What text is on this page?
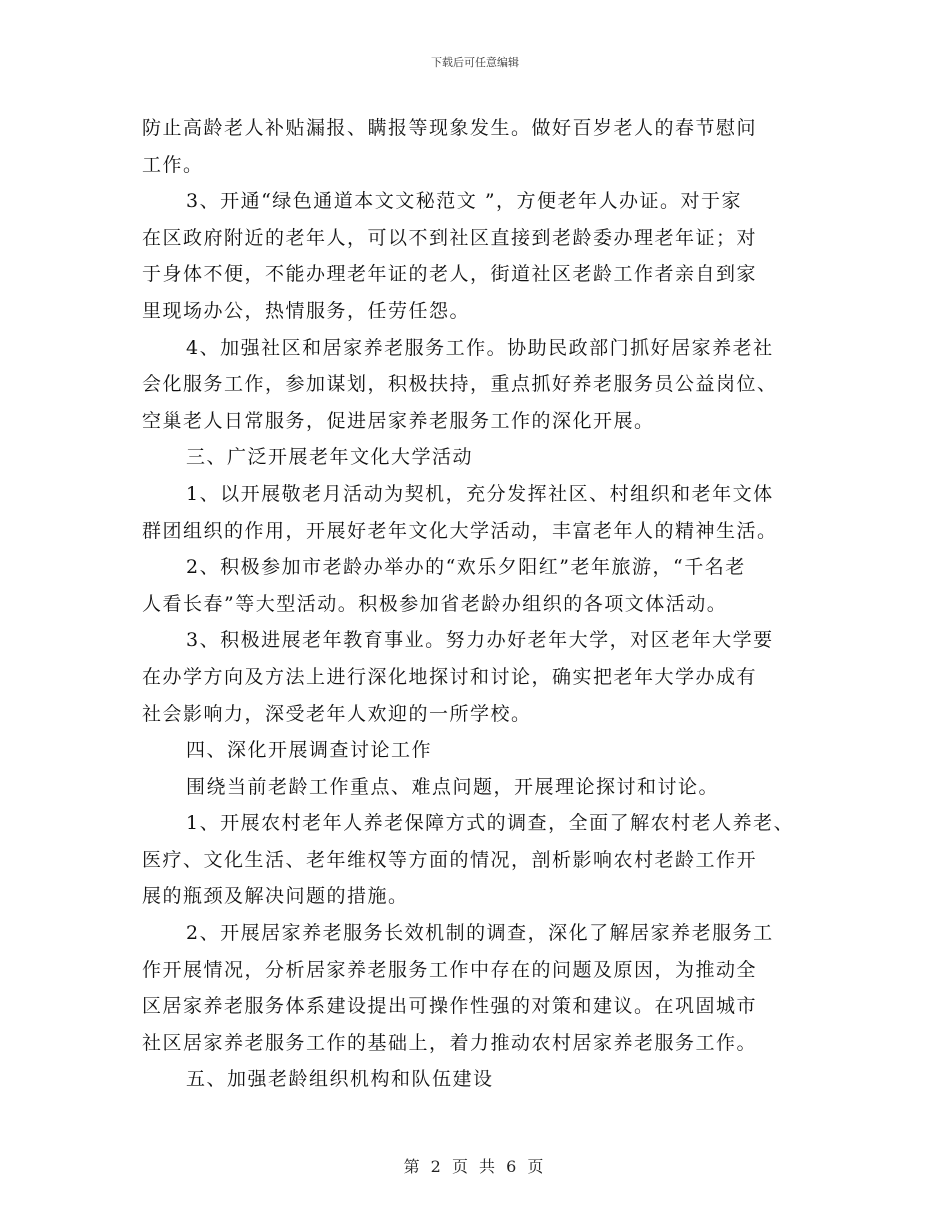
下载后可任意编辑
防止高龄老人补贴漏报、瞒报等现象发生。做好百岁老人的春节慰问
工作。
3、开通“绿色通道本文文秘范文 ”，方便老年人办证。对于家
在区政府附近的老年人，可以不到社区直接到老龄委办理老年证；对
于身体不便，不能办理老年证的老人，街道社区老龄工作者亲自到家
里现场办公，热情服务，任劳任怨。
4、加强社区和居家养老服务工作。协助民政部门抓好居家养老社
会化服务工作，参加谋划，积极扶持，重点抓好养老服务员公益岗位、
空巢老人日常服务，促进居家养老服务工作的深化开展。
三、广泛开展老年文化大学活动
1、以开展敬老月活动为契机，充分发挥社区、村组织和老年文体
群团组织的作用，开展好老年文化大学活动，丰富老年人的精神生活。
2、积极参加市老龄办举办的“欢乐夕阳红”老年旅游，“千名老
人看长春”等大型活动。积极参加省老龄办组织的各项文体活动。
3、积极进展老年教育事业。努力办好老年大学，对区老年大学要
在办学方向及方法上进行深化地探讨和讨论，确实把老年大学办成有
社会影响力，深受老年人欢迎的一所学校。
四、深化开展调查讨论工作
围绕当前老龄工作重点、难点问题，开展理论探讨和讨论。
1、开展农村老年人养老保障方式的调查，全面了解农村老人养老、
医疗、文化生活、老年维权等方面的情况，剖析影响农村老龄工作开
展的瓶颈及解决问题的措施。
2、开展居家养老服务长效机制的调查，深化了解居家养老服务工
作开展情况，分析居家养老服务工作中存在的问题及原因，为推动全
区居家养老服务体系建设提出可操作性强的对策和建议。在巩固城市
社区居家养老服务工作的基础上，着力推动农村居家养老服务工作。
五、加强老龄组织机构和队伍建设
第 2 页 共 6 页
